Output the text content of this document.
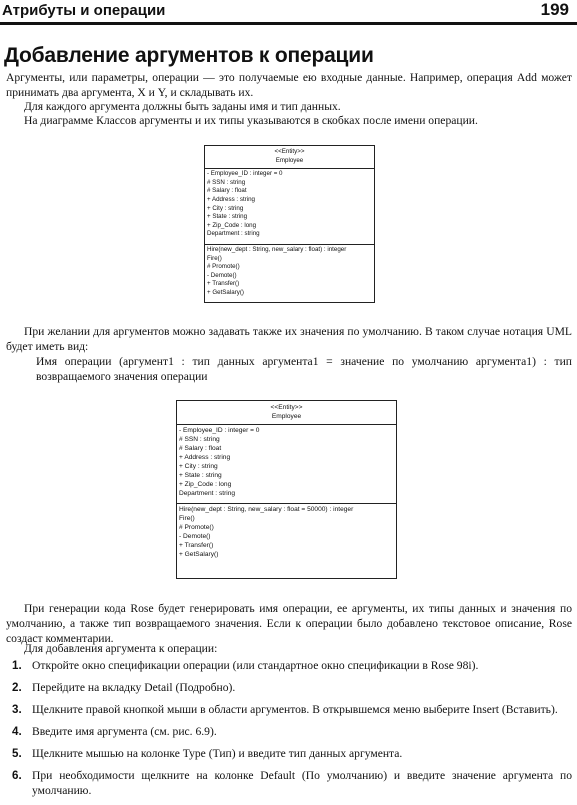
Атрибуты и операции	199
Добавление аргументов к операции

Аргументы, или параметры, операции — это получаемые ею входные данные. Например, операция Add может принимать два аргумента, X и Y, и складывать их.

Для каждого аргумента должны быть заданы имя и тип данных.

На диаграмме Классов аргументы и их типы указываются в скобках после имени операции.

<<Entity>>
Employee
- Employee_ID : integer = 0
# SSN : string
# Salary : float
+ Address : string
+ City : string
+ State : string
+ Zip_Code : long
Department : string
Hire(new_dept : String, new_salary : float) : integer
Fire()
# Promote()
- Demote()
+ Transfer()
+ GetSalary()

При желании для аргументов можно задавать также их значения по умолчанию. В таком случае нотация UML будет иметь вид:

Имя операции (аргумент1 : тип данных аргумента1 = значение по умолчанию аргумента1) : тип возвращаемого значения операции

<<Entity>>
Employee
- Employee_ID : integer = 0
# SSN : string
# Salary : float
+ Address : string
+ City : string
+ State : string
+ Zip_Code : long
Department : string
Hire(new_dept : String, new_salary : float = 50000) : integer
Fire()
# Promote()
- Demote()
+ Transfer()
+ GetSalary()

При генерации кода Rose будет генерировать имя операции, ее аргументы, их типы данных и значения по умолчанию, а также тип возвращаемого значения. Если к операции было добавлено текстовое описание, Rose создаст комментарии.

Для добавления аргумента к операции:

1. Откройте окно спецификации операции (или стандартное окно спецификации в Rose 98i).
2. Перейдите на вкладку Detail (Подробно).
3. Щелкните правой кнопкой мыши в области аргументов. В открывшемся меню выберите Insert (Вставить).
4. Введите имя аргумента (см. рис. 6.9).
5. Щелкните мышью на колонке Type (Тип) и введите тип данных аргумента.
6. При необходимости щелкните на колонке Default (По умолчанию) и введите значение аргумента по умолчанию.
